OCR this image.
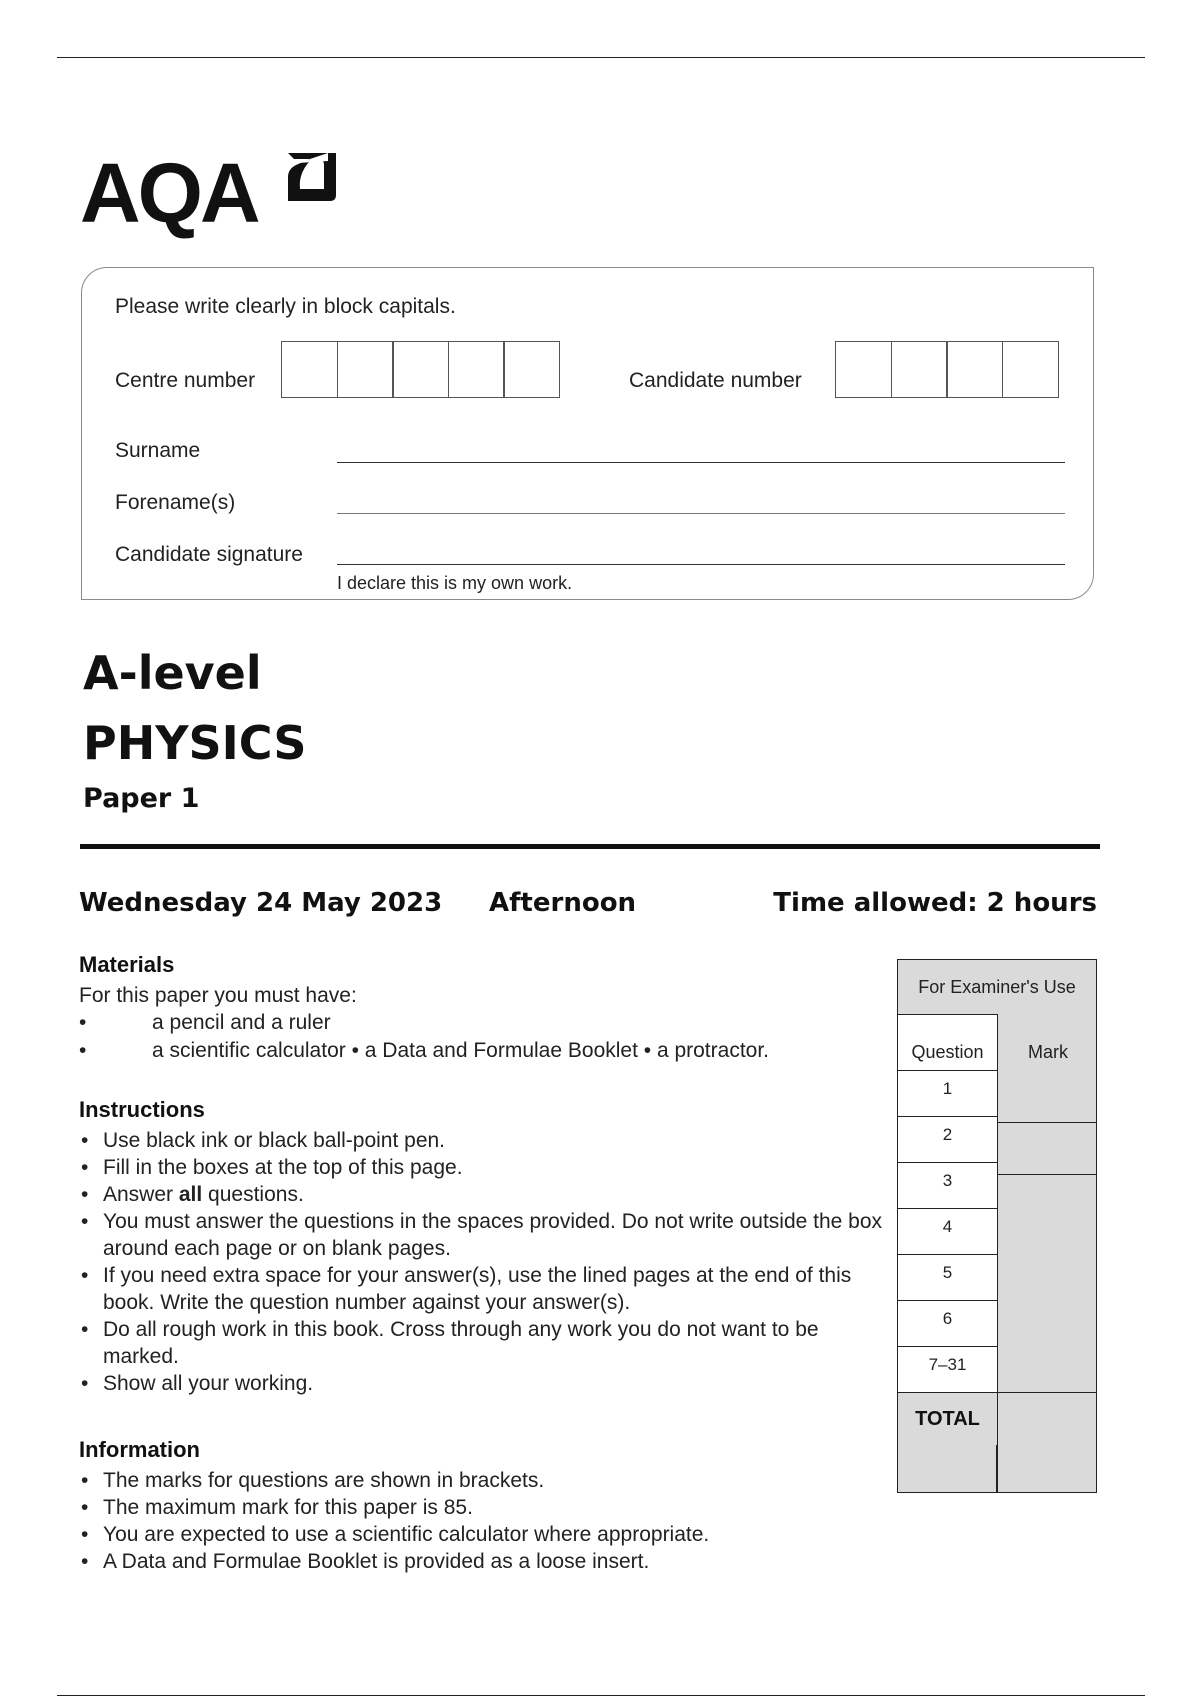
AQA
Please write clearly in block capitals.
Centre number	Candidate number
Surname
Forename(s)
Candidate signature
I declare this is my own work.
A-level
PHYSICS
Paper 1
Wednesday 24 May 2023 Afternoon	Time allowed: 2 hours
Materials
For this paper you must have:
• a pencil and a ruler
• a scientific calculator • a Data and Formulae Booklet • a protractor.
Instructions
• Use black ink or black ball-point pen.
• Fill in the boxes at the top of this page.
• Answer all questions.
• You must answer the questions in the spaces provided. Do not write outside the box around each page or on blank pages.
• If you need extra space for your answer(s), use the lined pages at the end of this book. Write the question number against your answer(s).
• Do all rough work in this book. Cross through any work you do not want to be marked.
• Show all your working.
Information
• The marks for questions are shown in brackets.
• The maximum mark for this paper is 85.
• You are expected to use a scientific calculator where appropriate.
• A Data and Formulae Booklet is provided as a loose insert.
For Examiner's Use
Question
1
2
3
4
5
6
7–31
Mark
TOTAL
